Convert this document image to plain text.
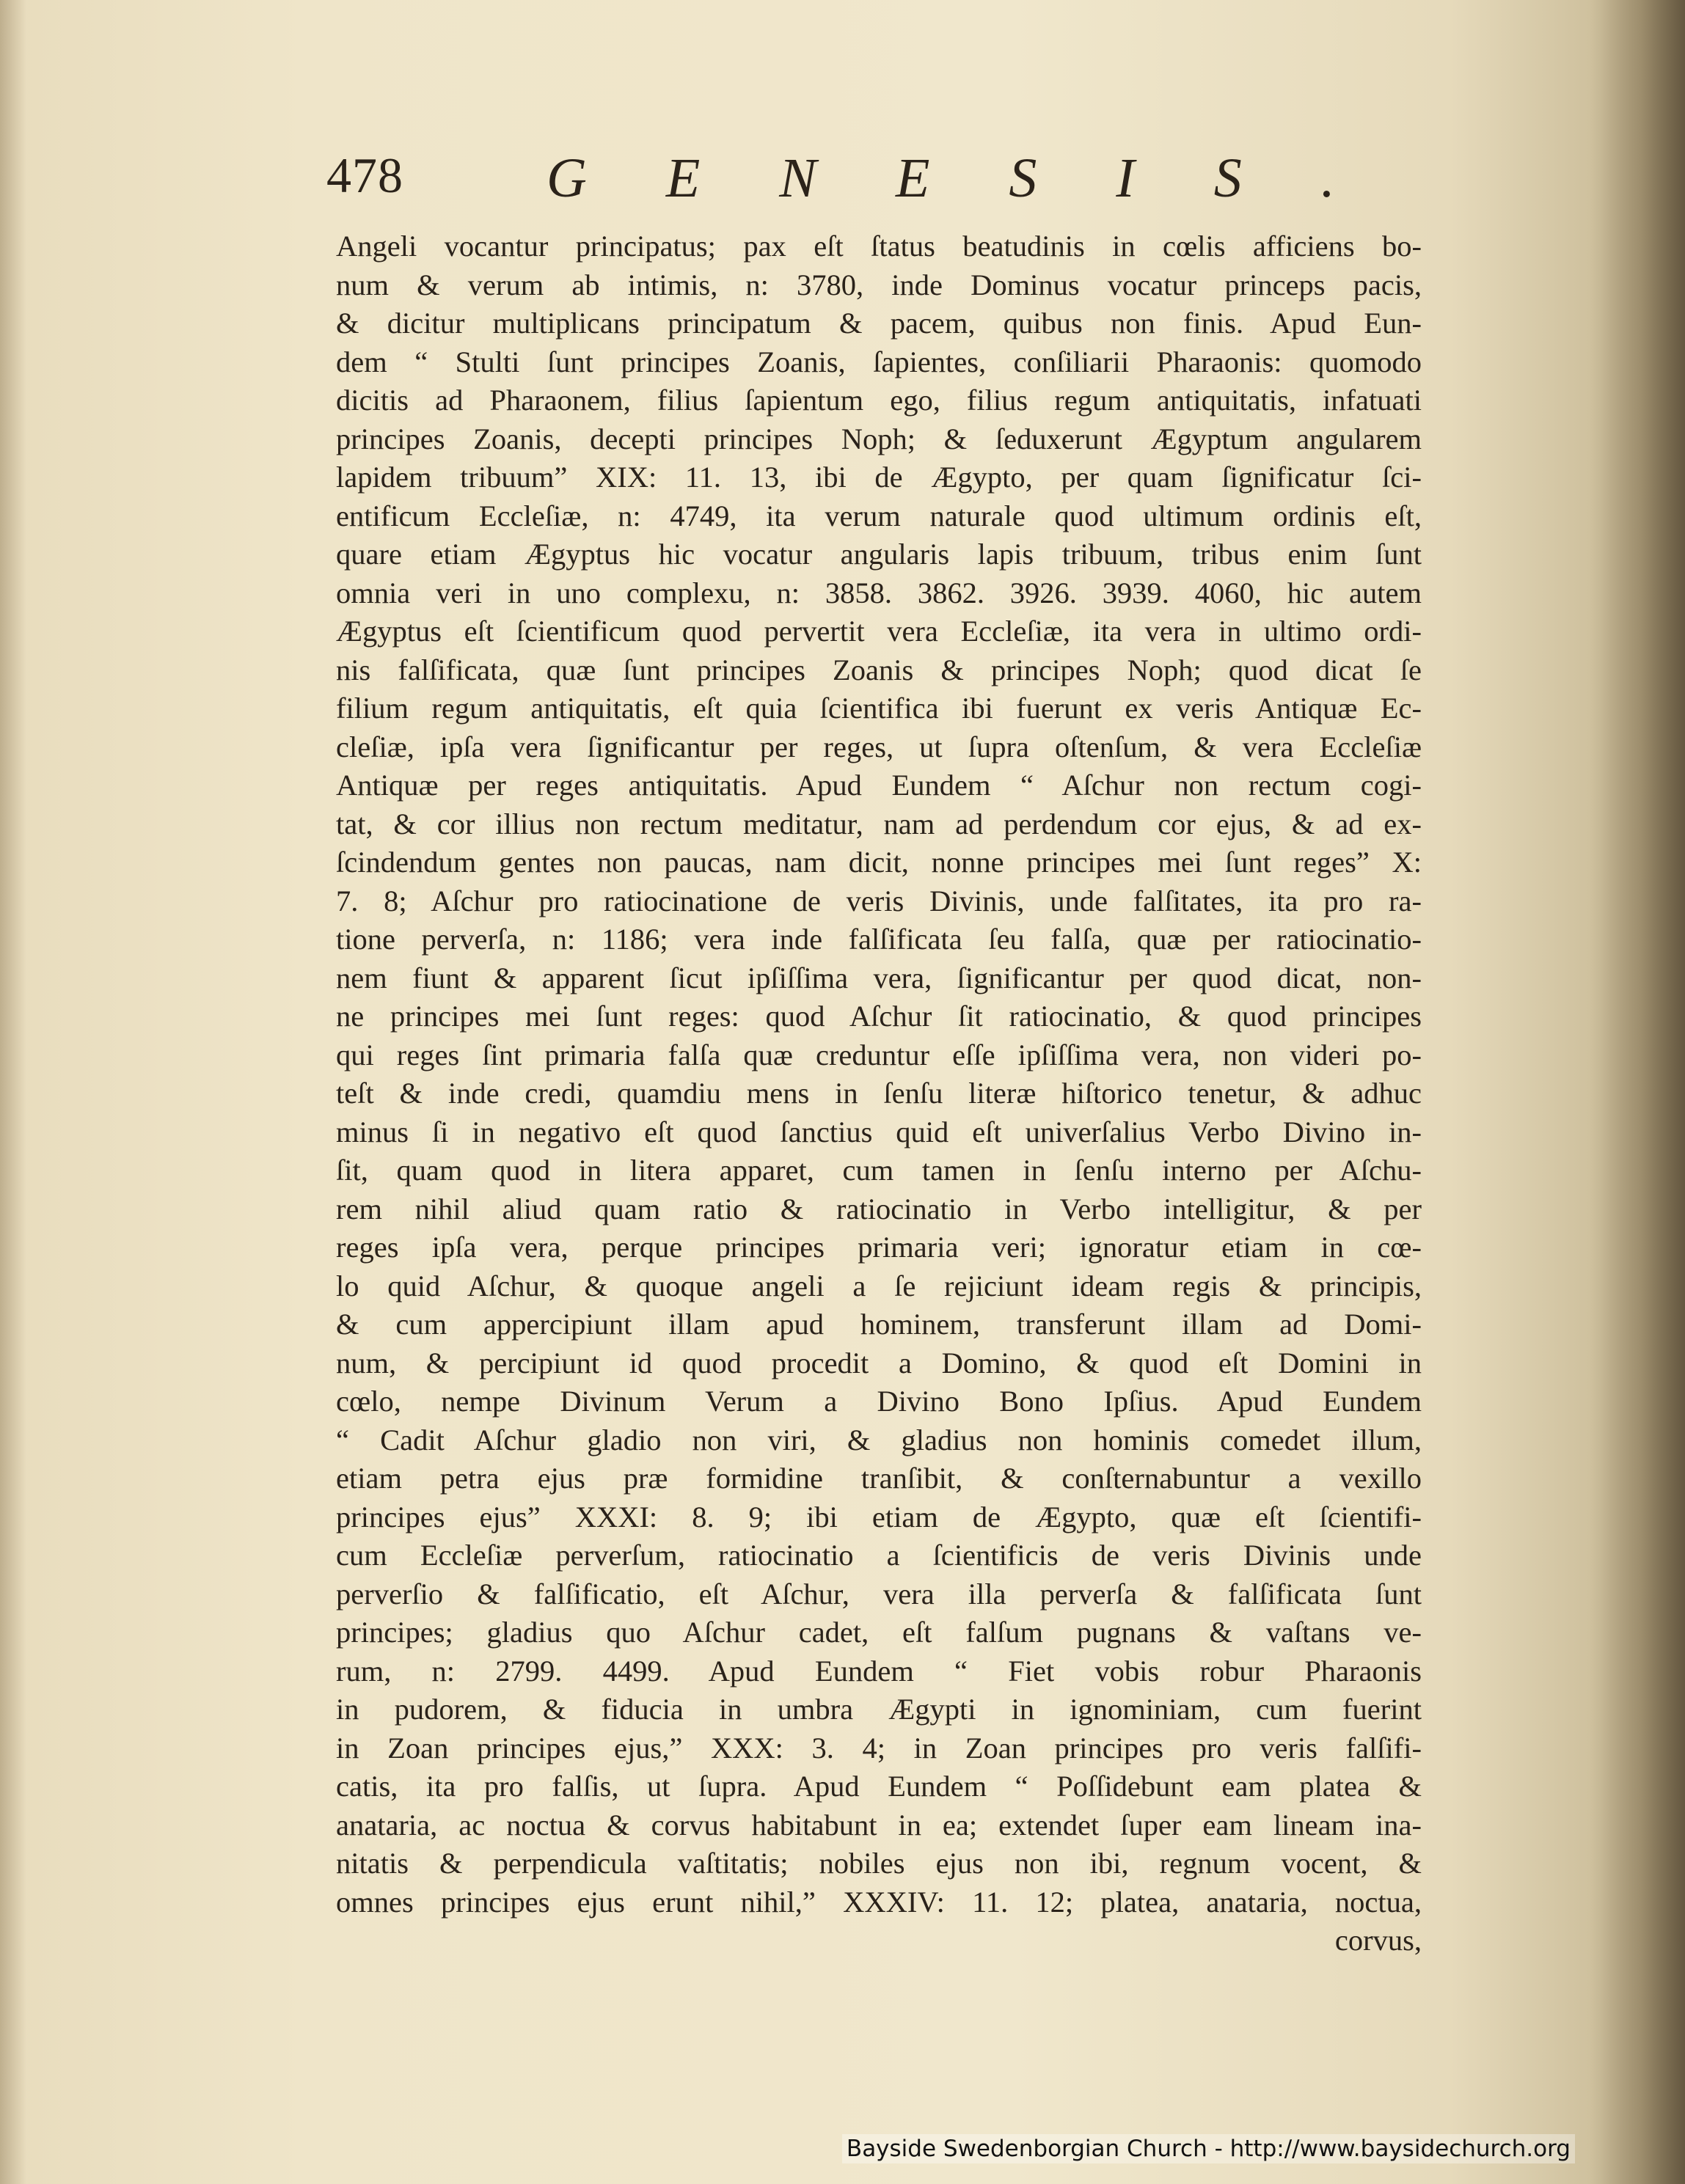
478	GENESIS.
Angeli vocantur principatus; pax eſt ſtatus beatudinis in cœlis afficiens bo-
num & verum ab intimis, n: 3780, inde Dominus vocatur princeps pacis,
& dicitur multiplicans principatum & pacem, quibus non finis. Apud Eun-
dem “ Stulti ſunt principes Zoanis, ſapientes, conſiliarii Pharaonis: quomodo
dicitis ad Pharaonem, filius ſapientum ego, filius regum antiquitatis, infatuati
principes Zoanis, decepti principes Noph; & ſeduxerunt Ægyptum angularem
lapidem tribuum” XIX: 11. 13, ibi de Ægypto, per quam ſignificatur ſci-
entificum Eccleſiæ, n: 4749, ita verum naturale quod ultimum ordinis eſt,
quare etiam Ægyptus hic vocatur angularis lapis tribuum, tribus enim ſunt
omnia veri in uno complexu, n: 3858. 3862. 3926. 3939. 4060, hic autem
Ægyptus eſt ſcientificum quod pervertit vera Eccleſiæ, ita vera in ultimo ordi-
nis falſificata, quæ ſunt principes Zoanis & principes Noph; quod dicat ſe
filium regum antiquitatis, eſt quia ſcientifica ibi fuerunt ex veris Antiquæ Ec-
cleſiæ, ipſa vera ſignificantur per reges, ut ſupra oſtenſum, & vera Eccleſiæ
Antiquæ per reges antiquitatis. Apud Eundem “ Aſchur non rectum cogi-
tat, & cor illius non rectum meditatur, nam ad perdendum cor ejus, & ad ex-
ſcindendum gentes non paucas, nam dicit, nonne principes mei ſunt reges” X:
7. 8; Aſchur pro ratiocinatione de veris Divinis, unde falſitates, ita pro ra-
tione perverſa, n: 1186; vera inde falſificata ſeu falſa, quæ per ratiocinatio-
nem fiunt & apparent ſicut ipſiſſima vera, ſignificantur per quod dicat, non-
ne principes mei ſunt reges: quod Aſchur ſit ratiocinatio, & quod principes
qui reges ſint primaria falſa quæ creduntur eſſe ipſiſſima vera, non videri po-
teſt & inde credi, quamdiu mens in ſenſu literæ hiſtorico tenetur, & adhuc
minus ſi in negativo eſt quod ſanctius quid eſt univerſalius Verbo Divino in-
ſit, quam quod in litera apparet, cum tamen in ſenſu interno per Aſchu-
rem nihil aliud quam ratio & ratiocinatio in Verbo intelligitur, & per
reges ipſa vera, perque principes primaria veri; ignoratur etiam in cœ-
lo quid Aſchur, & quoque angeli a ſe rejiciunt ideam regis & principis,
& cum appercipiunt illam apud hominem, transferunt illam ad Domi-
num, & percipiunt id quod procedit a Domino, & quod eſt Domini in
cœlo, nempe Divinum Verum a Divino Bono Ipſius. Apud Eundem
“ Cadit Aſchur gladio non viri, & gladius non hominis comedet illum,
etiam petra ejus præ formidine tranſibit, & conſternabuntur a vexillo
principes ejus” XXXI: 8. 9; ibi etiam de Ægypto, quæ eſt ſcientifi-
cum Eccleſiæ perverſum, ratiocinatio a ſcientificis de veris Divinis unde
perverſio & falſificatio, eſt Aſchur, vera illa perverſa & falſificata ſunt
principes; gladius quo Aſchur cadet, eſt falſum pugnans & vaſtans ve-
rum, n: 2799. 4499. Apud Eundem “ Fiet vobis robur Pharaonis
in pudorem, & fiducia in umbra Ægypti in ignominiam, cum fuerint
in Zoan principes ejus,” XXX: 3. 4; in Zoan principes pro veris falſifi-
catis, ita pro falſis, ut ſupra. Apud Eundem “ Poſſidebunt eam platea &
anataria, ac noctua & corvus habitabunt in ea; extendet ſuper eam lineam ina-
nitatis & perpendicula vaſtitatis; nobiles ejus non ibi, regnum vocent, &
omnes principes ejus erunt nihil,” XXXIV: 11. 12; platea, anataria, noctua,
corvus,
Bayside Swedenborgian Church - http://www.baysidechurch.org
